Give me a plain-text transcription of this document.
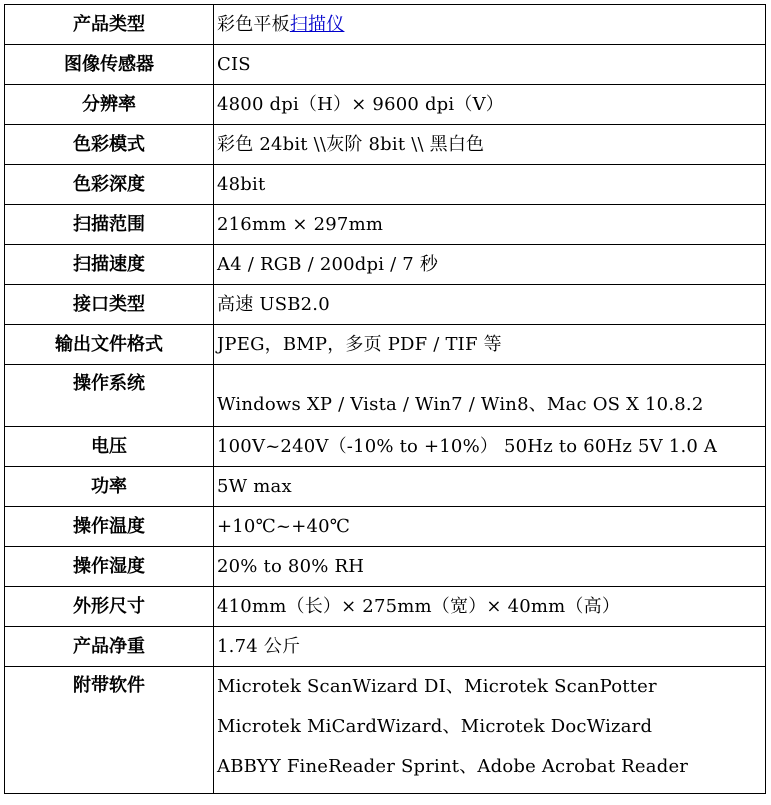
产品类型	彩色平板扫描仪
图像传感器	CIS
分辨率	4800 dpi（H）× 9600 dpi（V）
色彩模式	彩色 24bit \\灰阶 8bit \\ 黑白色
色彩深度	48bit
扫描范围	216mm × 297mm
扫描速度	A4 / RGB / 200dpi / 7 秒
接口类型	高速 USB2.0
输出文件格式	JPEG，BMP，多页 PDF / TIF 等
操作系统	Windows XP / Vista / Win7 / Win8、Mac OS X 10.8.2
电压	100V~240V（-10% to +10%） 50Hz to 60Hz 5V 1.0 A
功率	5W max
操作温度	+10℃~+40℃
操作湿度	20% to 80% RH
外形尺寸	410mm（长）× 275mm（宽）× 40mm（高）
产品净重	1.74 公斤
附带软件	Microtek ScanWizard DI、Microtek ScanPotter
Microtek MiCardWizard、Microtek DocWizard
ABBYY FineReader Sprint、Adobe Acrobat Reader
